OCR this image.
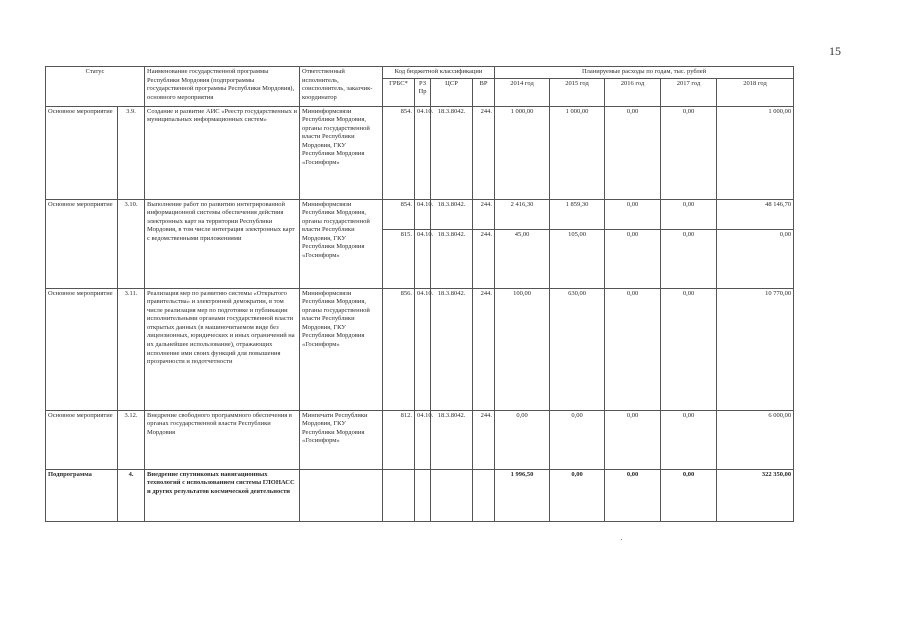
15
Статус		Наименование государственной программы Республики Мордовия (подпрограммы государственной программы Республики Мордовия), основного мероприятия	Ответственный исполнитель, соисполнитель, заказчик-координатор	Код бюджетной классификации				Планируемые расходы по годам, тыс. рублей				
				ГРБС*	РЗ Пр	ЦСР	ВР	2014 год	2015 год	2016 год	2017 год	2018 год
Основное мероприятие	3.9.	Создание и развитие АИС «Реестр государственных и муниципальных информационных систем»	Мининформсвязи Республики Мордовия, органы государственной власти Республики Мордовия, ГКУ Республики Мордовия «Госинформ»	854.	04.10.	18.3.8042.	244.	1 000,00	1 000,00	0,00	0,00	1 000,00
Основное мероприятие	3.10.	Выполнение работ по развитию интегрированной информационной системы обеспечения действия электронных карт на территории Республики Мордовия, в том числе интеграция электронных карт с ведомственными приложениями	Мининформсвязи Республики Мордовия, органы государственной власти Республики Мордовия, ГКУ Республики Мордовия «Госинформ»	854.	04.10.	18.3.8042.	244.	2 416,30	1 859,30	0,00	0,00	48 146,70
				815.	04.10.	18.3.8042.	244.	45,00	105,00	0,00	0,00	0,00
Основное мероприятие	3.11.	Реализация мер по развитию системы «Открытого правительства» и электронной демократии, в том числе реализация мер по подготовке и публикации исполнительными органами государственной власти открытых данных (в машиночитаемом виде без лицензионных, юридических и иных ограничений на их дальнейшее использование), отражающих исполнение ими своих функций для повышения прозрачности и подотчетности	Мининформсвязи Республики Мордовия, органы государственной власти Республики Мордовия, ГКУ Республики Мордовия «Госинформ»	856.	04.10.	18.3.8042.	244.	100,00	630,00	0,00	0,00	10 770,00
Основное мероприятие	3.12.	Внедрение свободного программного обеспечения в органах государственной власти Республики Мордовия	Минпечати Республики Мордовия, ГКУ Республики Мордовия «Госинформ»	812.	04.10.	18.3.8042.	244.	0,00	0,00	0,00	0,00	6 000,00
Подпрограмма	4.	Внедрение спутниковых навигационных технологий с использованием системы ГЛОНАСС и других результатов космической деятельности						1 996,50	0,00	0,00	0,00	322 350,00
